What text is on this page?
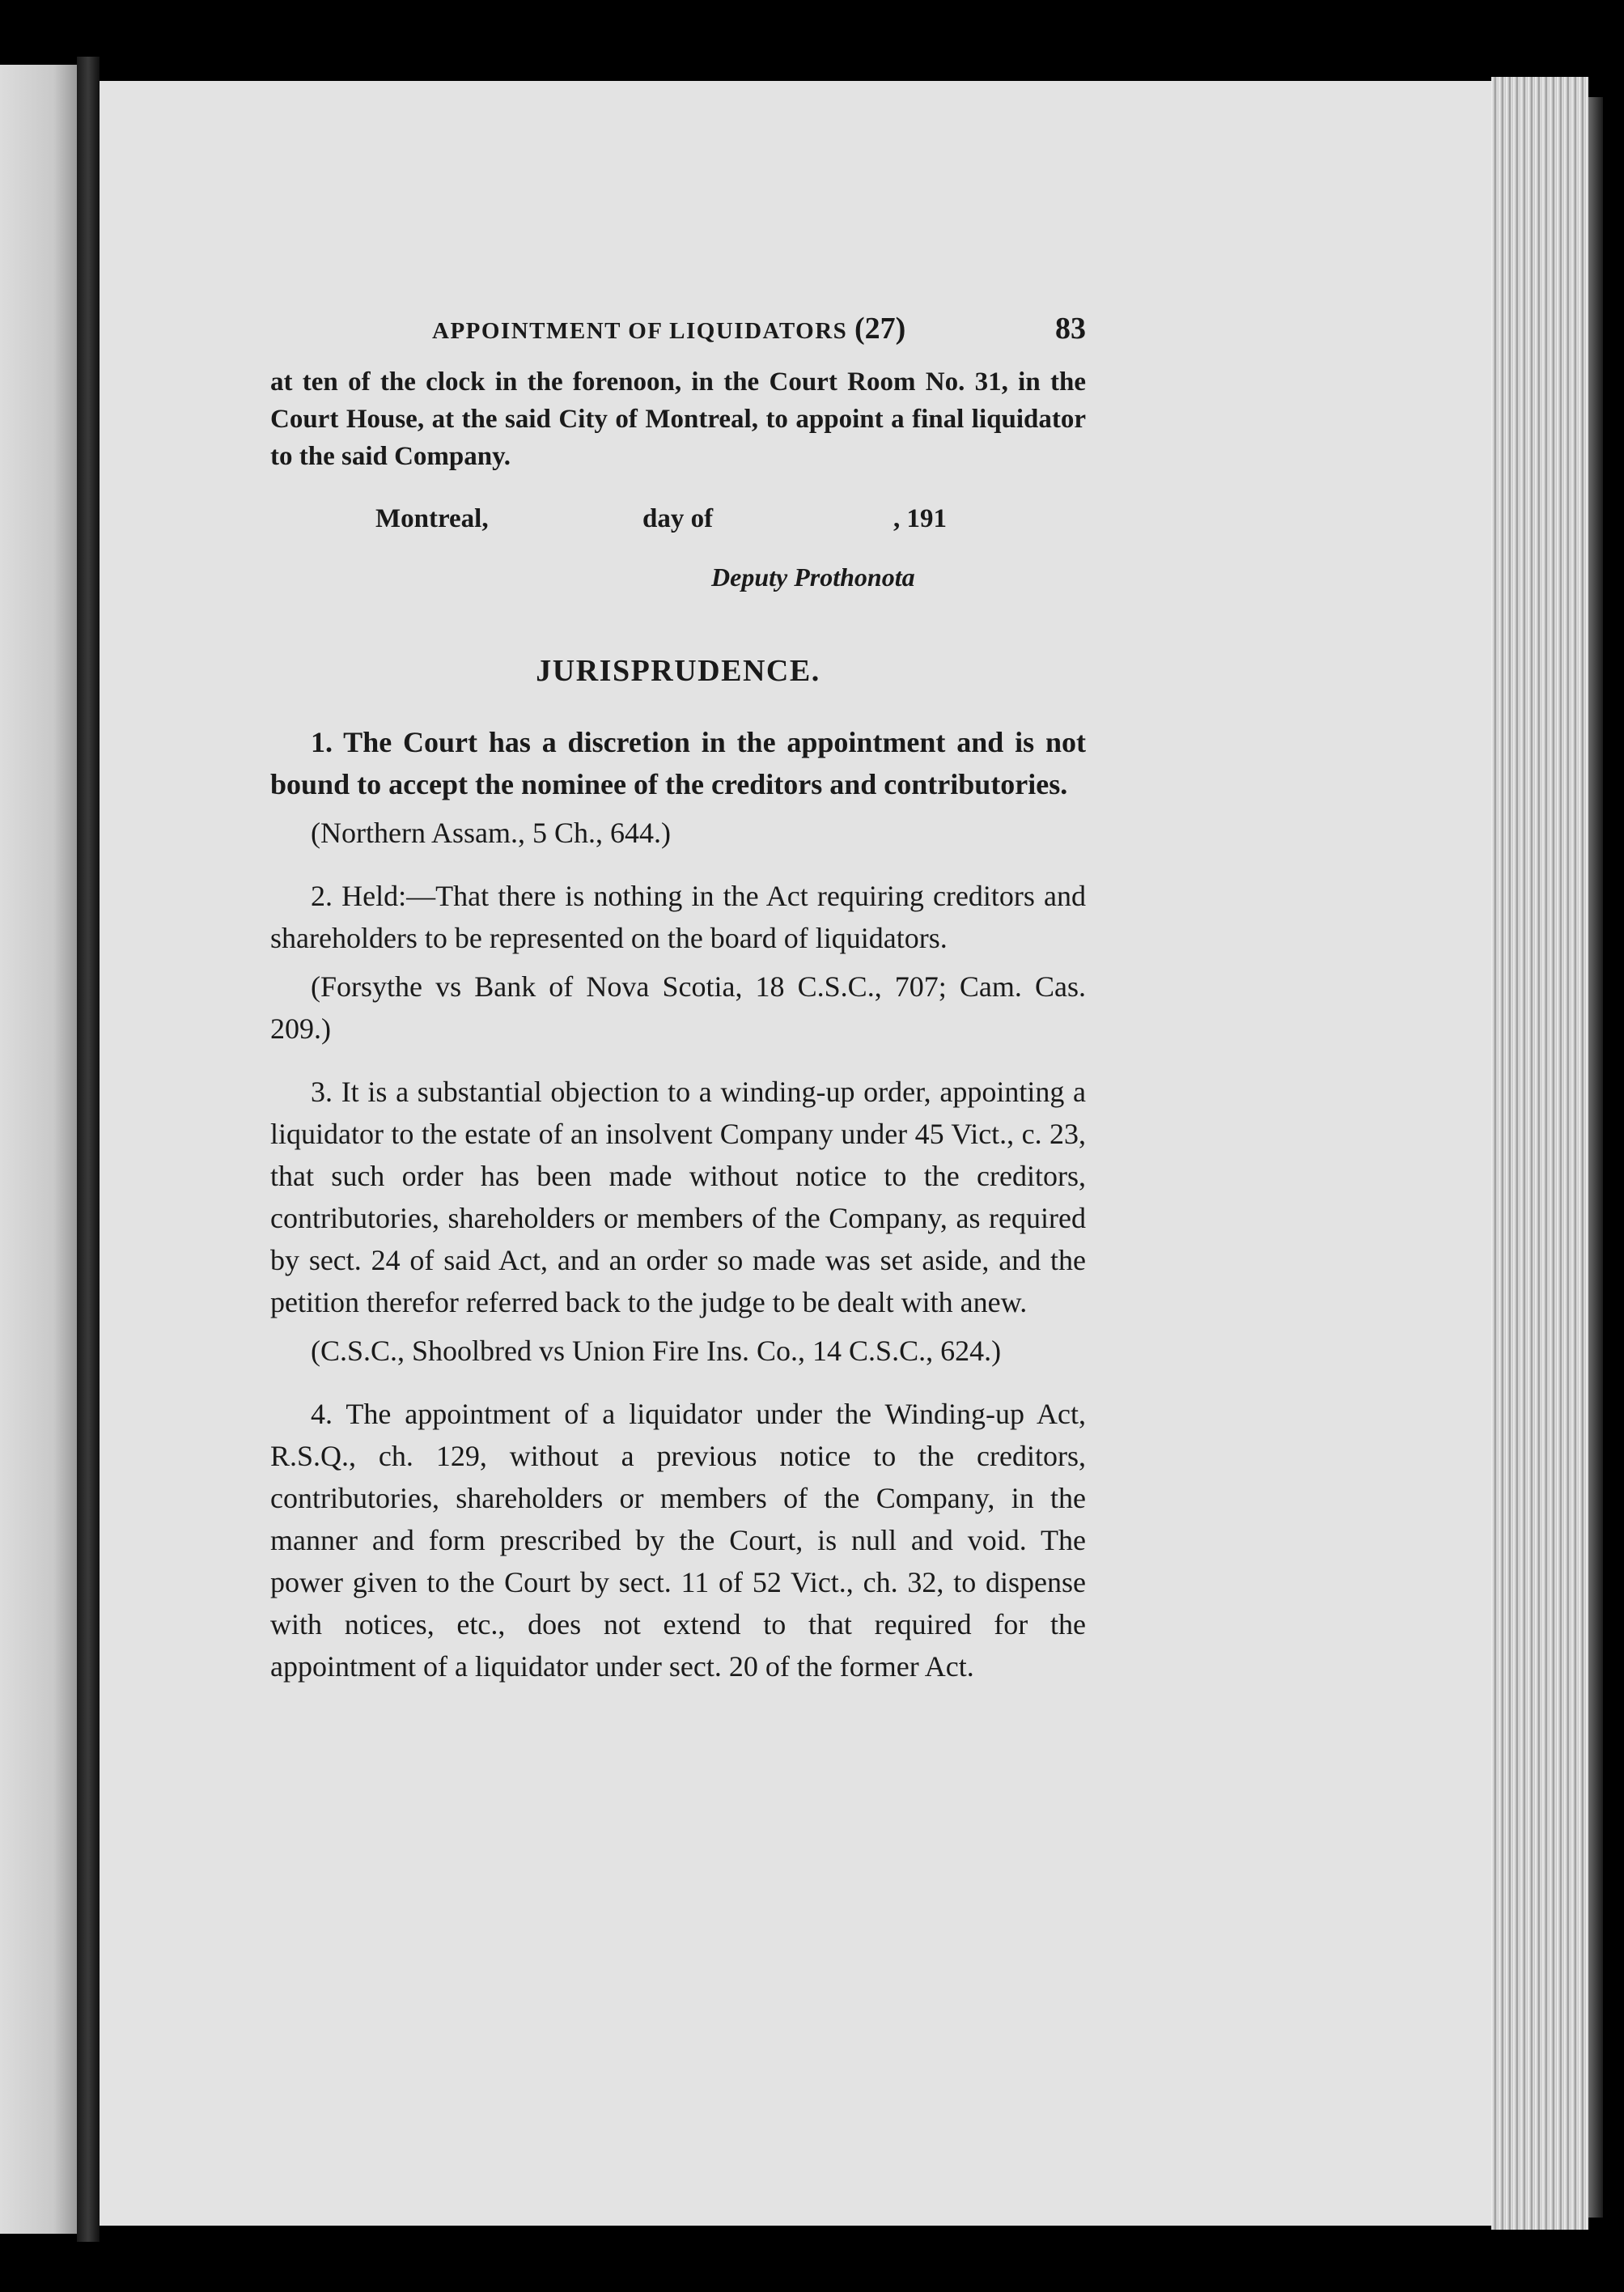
APPOINTMENT OF LIQUIDATORS (27)	83

at ten of the clock in the forenoon, in the Court Room No. 31, in the Court House, at the said City of Montreal, to appoint a final liquidator to the said Company.

Montreal,	day of	, 191
Deputy Prothonota
JURISPRUDENCE.

1. The Court has a discretion in the appointment and is not bound to accept the nominee of the creditors and contributories.

(Northern Assam., 5 Ch., 644.)

2. Held:—That there is nothing in the Act requiring creditors and shareholders to be represented on the board of liquidators.

(Forsythe vs Bank of Nova Scotia, 18 C.S.C., 707; Cam. Cas. 209.)

3. It is a substantial objection to a winding-up order, appointing a liquidator to the estate of an insolvent Company under 45 Vict., c. 23, that such order has been made without notice to the creditors, contributories, shareholders or members of the Company, as required by sect. 24 of said Act, and an order so made was set aside, and the petition therefor referred back to the judge to be dealt with anew.

(C.S.C., Shoolbred vs Union Fire Ins. Co., 14 C.S.C., 624.)

4. The appointment of a liquidator under the Winding-up Act, R.S.Q., ch. 129, without a previous notice to the creditors, contributories, shareholders or members of the Company, in the manner and form prescribed by the Court, is null and void. The power given to the Court by sect. 11 of 52 Vict., ch. 32, to dispense with notices, etc., does not extend to that required for the appointment of a liquidator under sect. 20 of the former Act.
